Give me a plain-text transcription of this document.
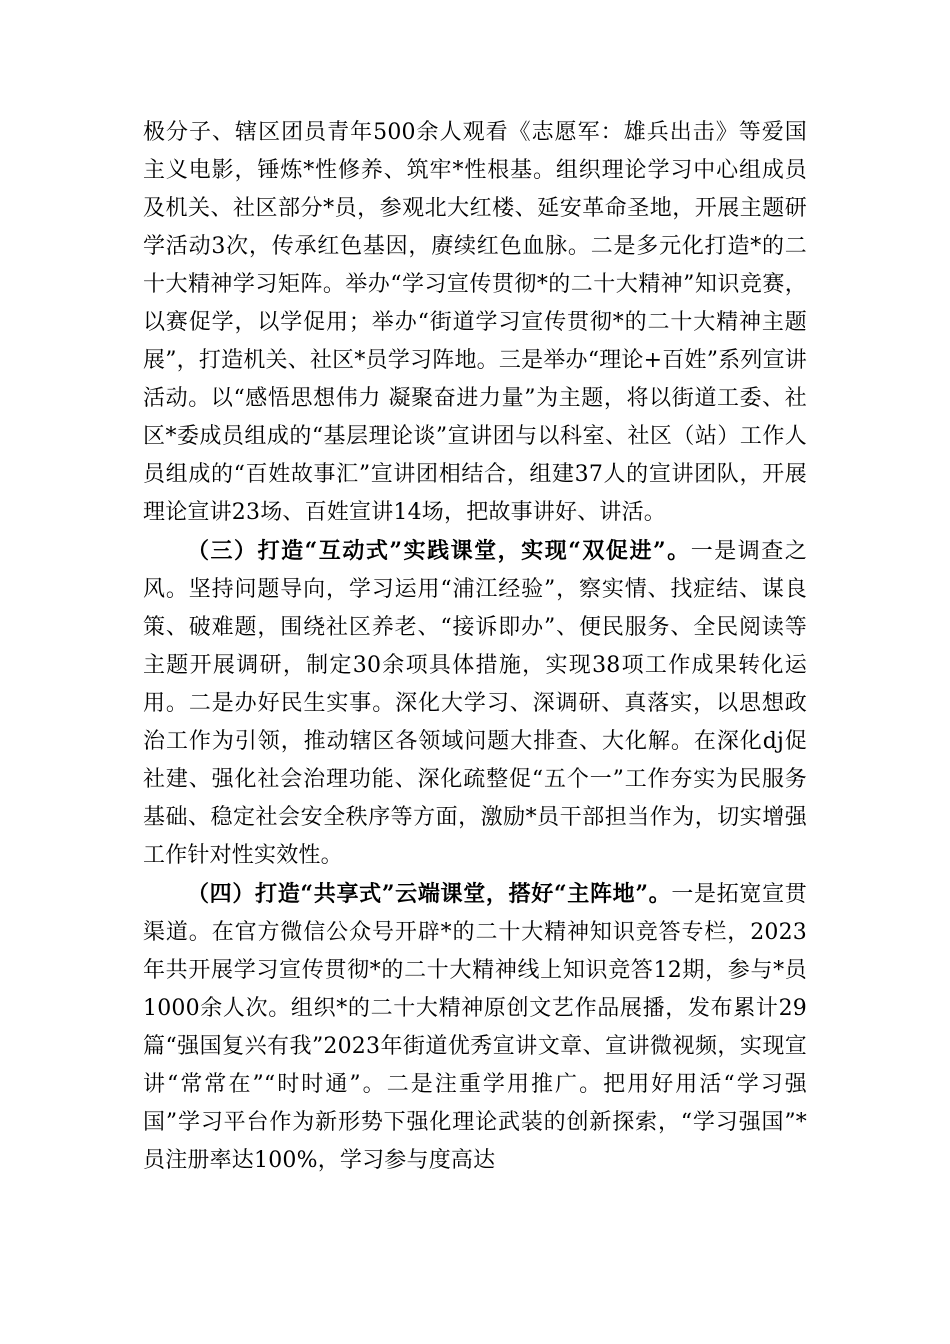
极分子、辖区团员青年500余人观看《志愿军：雄兵出击》等爱国主义电影，锤炼*性修养、筑牢*性根基。组织理论学习中心组成员及机关、社区部分*员，参观北大红楼、延安革命圣地，开展主题研学活动3次，传承红色基因，赓续红色血脉。二是多元化打造*的二十大精神学习矩阵。举办“学习宣传贯彻*的二十大精神”知识竞赛，以赛促学，以学促用；举办“街道学习宣传贯彻*的二十大精神主题展”，打造机关、社区*员学习阵地。三是举办“理论+百姓”系列宣讲活动。以“感悟思想伟力 凝聚奋进力量”为主题，将以街道工委、社区*委成员组成的“基层理论谈”宣讲团与以科室、社区（站）工作人员组成的“百姓故事汇”宣讲团相结合，组建37人的宣讲团队，开展理论宣讲23场、百姓宣讲14场，把故事讲好、讲活。

（三）打造“互动式”实践课堂，实现“双促进”。一是调查之风。坚持问题导向，学习运用“浦江经验”，察实情、找症结、谋良策、破难题，围绕社区养老、“接诉即办”、便民服务、全民阅读等主题开展调研，制定30余项具体措施，实现38项工作成果转化运用。二是办好民生实事。深化大学习、深调研、真落实，以思想政治工作为引领，推动辖区各领域问题大排查、大化解。在深化dj促社建、强化社会治理功能、深化疏整促“五个一”工作夯实为民服务基础、稳定社会安全秩序等方面，激励*员干部担当作为，切实增强工作针对性实效性。

（四）打造“共享式”云端课堂，搭好“主阵地”。一是拓宽宣贯渠道。在官方微信公众号开辟*的二十大精神知识竞答专栏，2023年共开展学习宣传贯彻*的二十大精神线上知识竞答12期，参与*员1000余人次。组织*的二十大精神原创文艺作品展播，发布累计29篇“强国复兴有我”2023年街道优秀宣讲文章、宣讲微视频，实现宣讲“常常在”“时时通”。二是注重学用推广。把用好用活“学习强国”学习平台作为新形势下强化理论武装的创新探索，“学习强国”*员注册率达100%，学习参与度高达
